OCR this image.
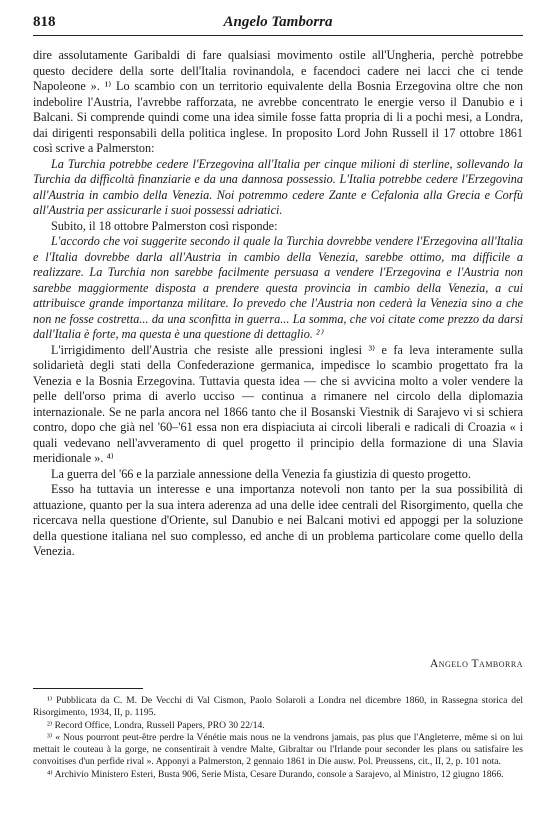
818	Angelo Tamborra

dire assolutamente Garibaldi di fare qualsiasi movimento ostile all'Ungheria, perchè potrebbe questo decidere della sorte dell'Italia rovinandola, e facendoci cadere nei lacci che ci tende Napoleone ». ¹⁾ Lo scambio con un territorio equivalente della Bosnia Erzegovina oltre che non indebolire l'Austria, l'avrebbe rafforzata, ne avrebbe concentrato le energie verso il Danubio e i Balcani. Si comprende quindi come una idea simile fosse fatta propria di li a pochi mesi, a Londra, dai dirigenti responsabili della politica inglese. In proposito Lord John Russell il 17 ottobre 1861 così scrive a Palmerston:

La Turchia potrebbe cedere l'Erzegovina all'Italia per cinque milioni di sterline, sollevando la Turchia da difficoltà finanziarie e da una dannosa possessio. L'Italia potrebbe cedere l'Erzegovina all'Austria in cambio della Venezia. Noi potremmo cedere Zante e Cefalonia alla Grecia e Corfù all'Austria per assicurarle i suoi possessi adriatici.

Subito, il 18 ottobre Palmerston così risponde:

L'accordo che voi suggerite secondo il quale la Turchia dovrebbe vendere l'Erzegovina all'Italia e l'Italia dovrebbe darla all'Austria in cambio della Venezia, sarebbe ottimo, ma difficile a realizzare. La Turchia non sarebbe facilmente persuasa a vendere l'Erzegovina e l'Austria non sarebbe maggiormente disposta a prendere questa provincia in cambio della Venezia, a cui attribuisce grande importanza militare. Io prevedo che l'Austria non cederà la Venezia sino a che non ne fosse costretta... da una sconfitta in guerra... La somma, che voi citate come prezzo da darsi dall'Italia è forte, ma questa è una questione di dettaglio. ²⁾

L'irrigidimento dell'Austria che resiste alle pressioni inglesi ³⁾ e fa leva interamente sulla solidarietà degli stati della Confederazione germanica, impedisce lo scambio progettato fra la Venezia e la Bosnia Erzegovina. Tuttavia questa idea — che si avvicina molto a voler vendere la pelle dell'orso prima di averlo ucciso — continua a rimanere nel circolo della diplomazia internazionale. Se ne parla ancora nel 1866 tanto che il Bosanski Viestnik di Sarajevo vi si schiera contro, dopo che già nel '60–'61 essa non era dispiaciuta ai circoli liberali e radicali di Croazia « i quali vedevano nell'avveramento di quel progetto il principio della formazione di una Slavia meridionale ». ⁴⁾

La guerra del '66 e la parziale annessione della Venezia fa giustizia di questo progetto.

Esso ha tuttavia un interesse e una importanza notevoli non tanto per la sua possibilità di attuazione, quanto per la sua intera aderenza ad una delle idee centrali del Risorgimento, quella che ricercava nella questione d'Oriente, sul Danubio e nei Balcani motivi ed appoggi per la soluzione della questione italiana nel suo complesso, ed anche di un problema particolare come quello della Venezia.

Angelo Tamborra

¹⁾ Pubblicata da C. M. De Vecchi di Val Cismon, Paolo Solaroli a Londra nel dicembre 1860, in Rassegna storica del Risorgimento, 1934, II, p. 1195.

²⁾ Record Office, Londra, Russell Papers, PRO 30 22/14.

³⁾ « Nous pourront peut-être perdre la Vénétie mais nous ne la vendrons jamais, pas plus que l'Angleterre, même si on lui mettait le couteau à la gorge, ne consentirait à vendre Malte, Gibraltar ou l'Irlande pour seconder les plans ou satisfaire les convoitises d'un perfide rival ». Apponyi a Palmerston, 2 gennaio 1861 in Die ausw. Pol. Preussens, cit., II, 2, p. 101 nota.

⁴⁾ Archivio Ministero Esteri, Busta 906, Serie Mista, Cesare Durando, console a Sarajevo, al Ministro, 12 giugno 1866.
